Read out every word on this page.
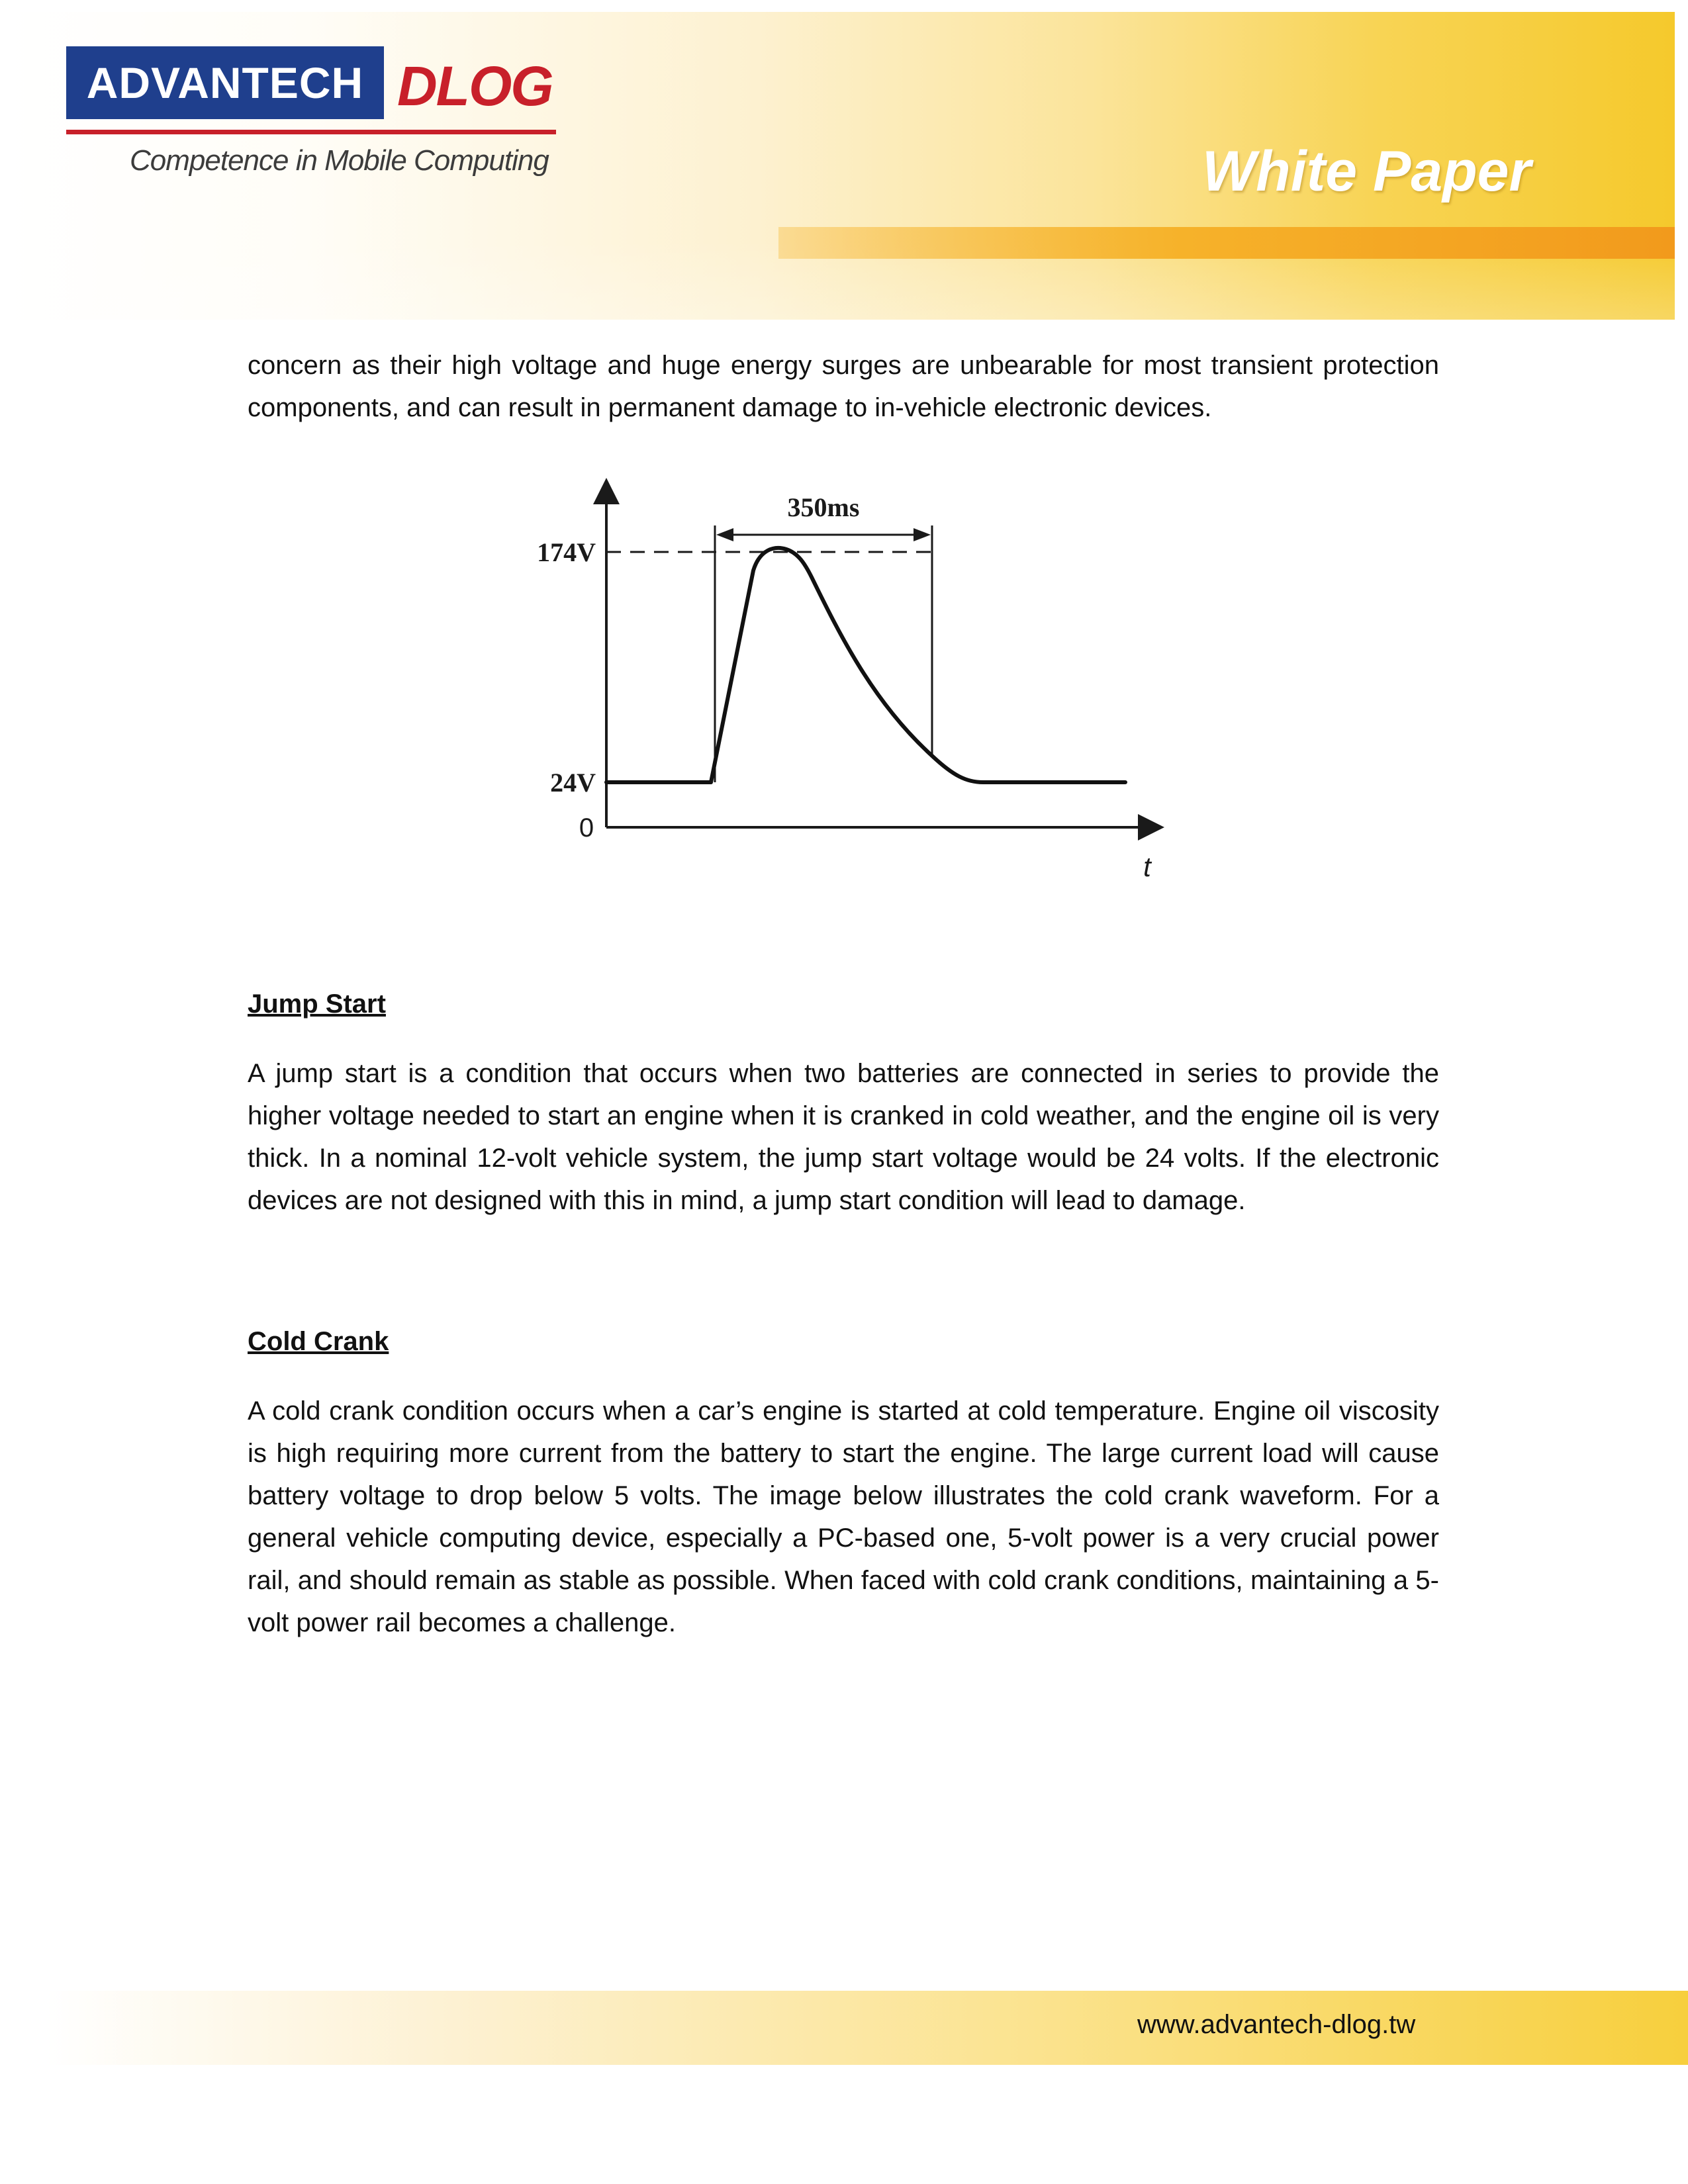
ADVANTECH DLOG
Competence in Mobile Computing	White Paper

concern as their high voltage and huge energy surges are unbearable for most transient protection components, and can result in permanent damage to in-vehicle electronic devices.

350ms
174V
24V
0
t

Jump Start

A jump start is a condition that occurs when two batteries are connected in series to provide the higher voltage needed to start an engine when it is cranked in cold weather, and the engine oil is very thick. In a nominal 12-volt vehicle system, the jump start voltage would be 24 volts. If the electronic devices are not designed with this in mind, a jump start condition will lead to damage.

Cold Crank

A cold crank condition occurs when a car’s engine is started at cold temperature. Engine oil viscosity is high requiring more current from the battery to start the engine. The large current load will cause battery voltage to drop below 5 volts. The image below illustrates the cold crank waveform. For a general vehicle computing device, especially a PC-based one, 5-volt power is a very crucial power rail, and should remain as stable as possible. When faced with cold crank conditions, maintaining a 5-volt power rail becomes a challenge.

www.advantech-dlog.tw
